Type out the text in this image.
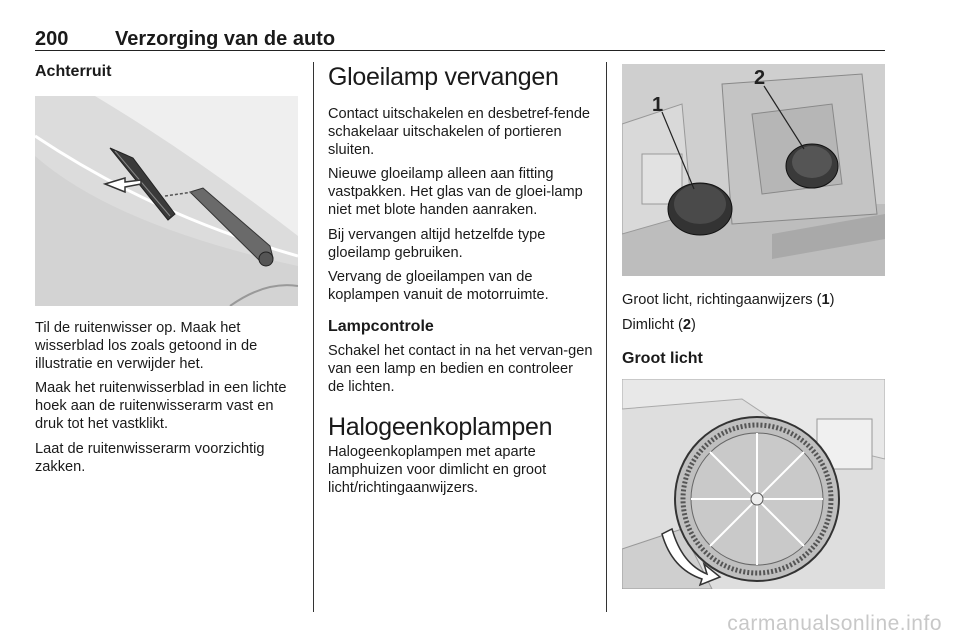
200 Verzorging van de auto
Achterruit

Til de ruitenwisser op. Maak het wisserblad los zoals getoond in de illustratie en verwijder het.

Maak het ruitenwisserblad in een lichte hoek aan de ruitenwisserarm vast en druk tot het vastklikt.

Laat de ruitenwisserarm voorzichtig zakken.

Gloeilamp vervangen

Contact uitschakelen en desbetref-fende schakelaar uitschakelen of portieren sluiten.

Nieuwe gloeilamp alleen aan fitting vastpakken. Het glas van de gloei-lamp niet met blote handen aanraken.

Bij vervangen altijd hetzelfde type gloeilamp gebruiken.

Vervang de gloeilampen van de koplampen vanuit de motorruimte.

Lampcontrole

Schakel het contact in na het vervan-gen van een lamp en bedien en controleer de lichten.

Halogeenkoplampen

Halogeenkoplampen met aparte lamphuizen voor dimlicht en groot licht/richtingaanwijzers.

1
2

Groot licht, richtingaanwijzers (1)

Dimlicht (2)

Groot licht
carmanualsonline.info
